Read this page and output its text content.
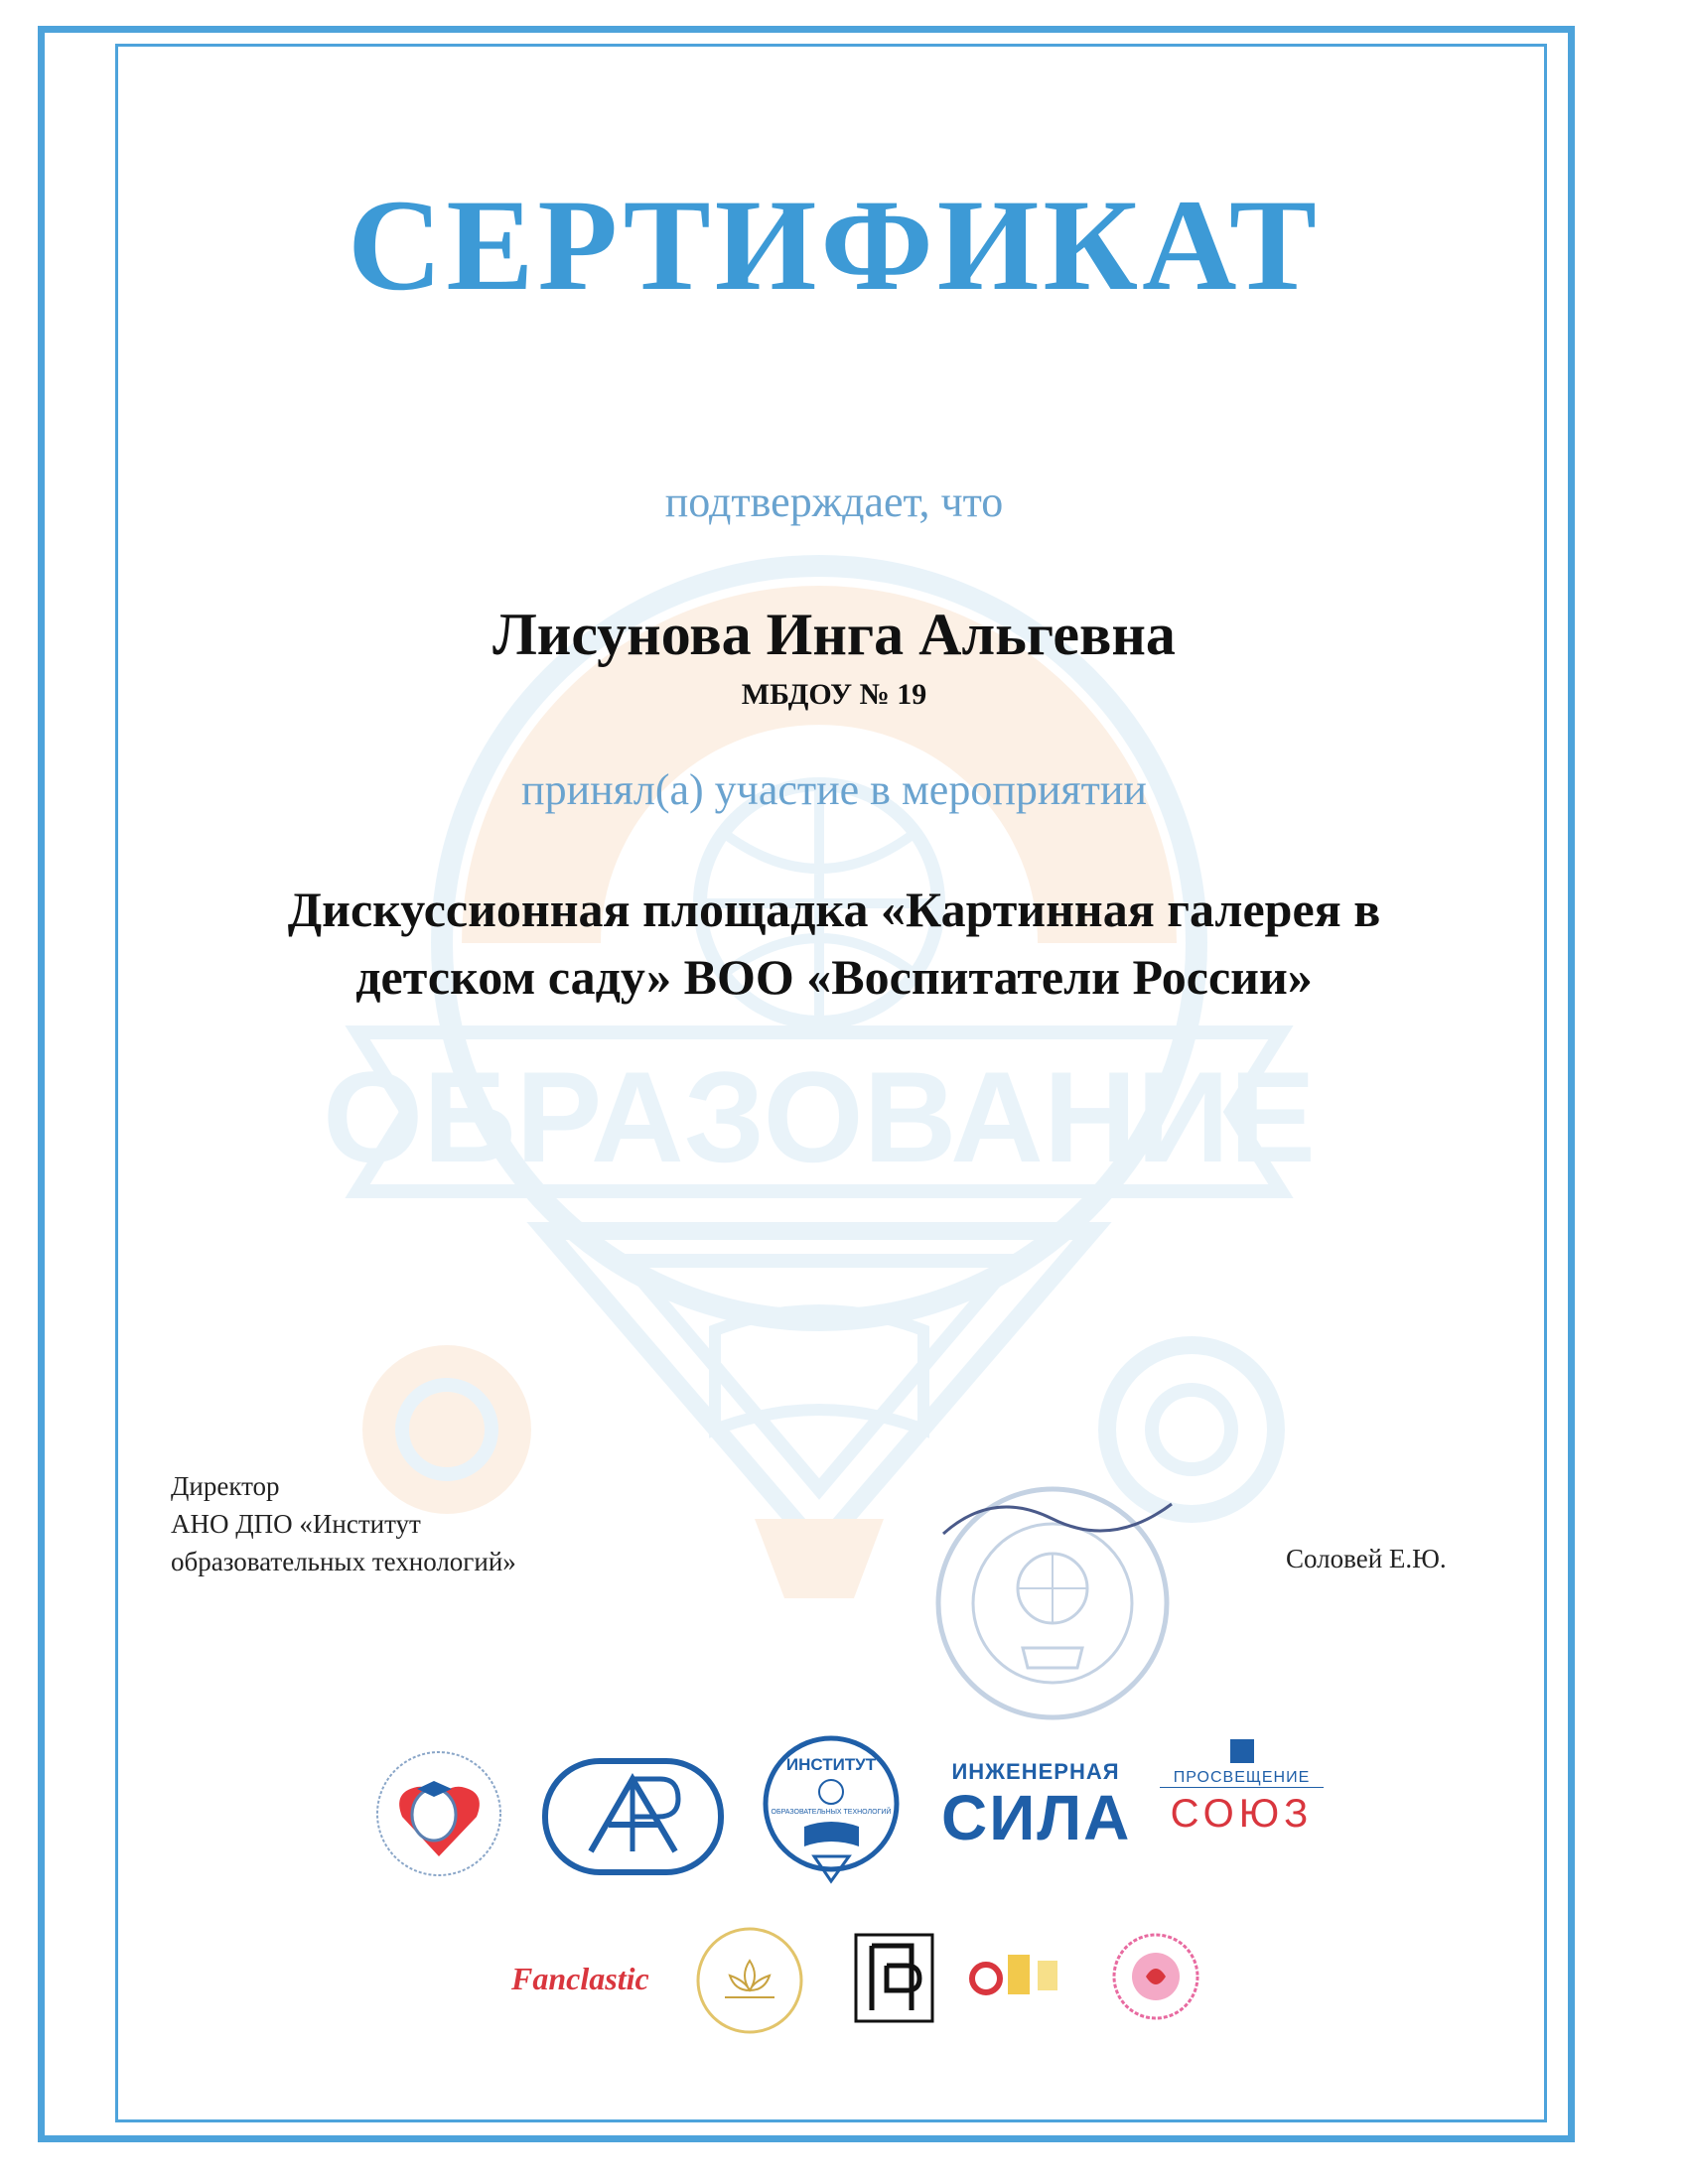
ОБРАЗОВАНИЕ
СЕРТИФИКАТ
подтверждает, что
Лисунова Инга Альгевна
МБДОУ № 19
принял(а) участие в мероприятии
Дискуссионная площадка «Картинная галерея в
детском саду» ВОО «Воспитатели России»
Директор
АНО ДПО «Институт
образовательных технологий»	Соловей Е.Ю.
ИНСТИТУТ
ОБРАЗОВАТЕЛЬНЫХ ТЕХНОЛОГИЙ
ИНЖЕНЕРНАЯ
СИЛА
ПРОСВЕЩЕНИЕ
СОЮЗ
Fanclastic
